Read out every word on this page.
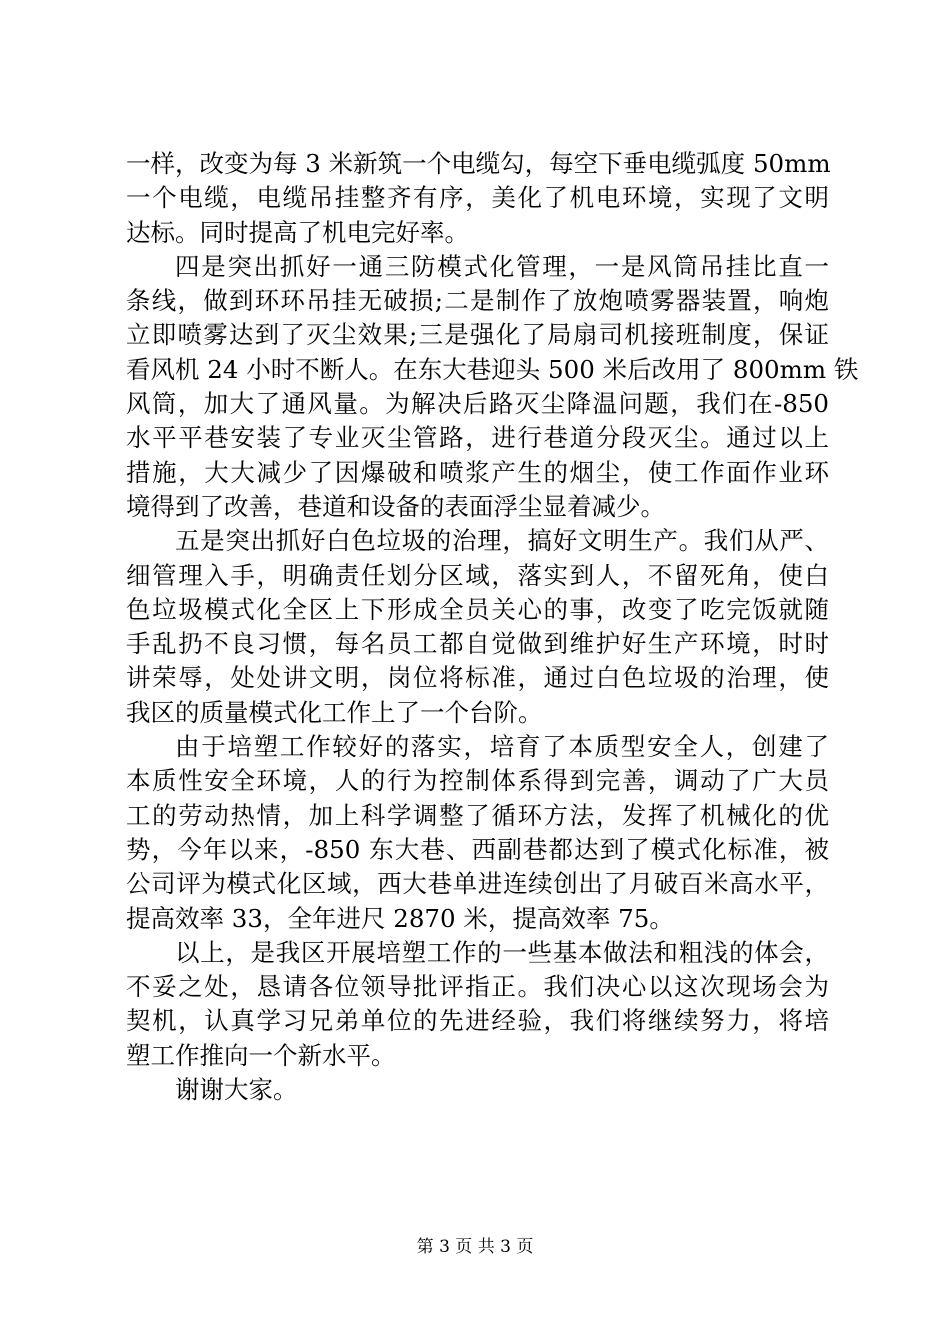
一样，改变为每 3 米新筑一个电缆勾，每空下垂电缆弧度 50mm
一个电缆，电缆吊挂整齐有序，美化了机电环境，实现了文明
达标。同时提高了机电完好率。
四是突出抓好一通三防模式化管理，一是风筒吊挂比直一
条线，做到环环吊挂无破损;二是制作了放炮喷雾器装置，响炮
立即喷雾达到了灭尘效果;三是强化了局扇司机接班制度，保证
看风机 24 小时不断人。在东大巷迎头 500 米后改用了 800mm 铁
风筒，加大了通风量。为解决后路灭尘降温问题，我们在-850
水平平巷安装了专业灭尘管路，进行巷道分段灭尘。通过以上
措施，大大减少了因爆破和喷浆产生的烟尘，使工作面作业环
境得到了改善，巷道和设备的表面浮尘显着减少。
五是突出抓好白色垃圾的治理，搞好文明生产。我们从严、
细管理入手，明确责任划分区域，落实到人，不留死角，使白
色垃圾模式化全区上下形成全员关心的事，改变了吃完饭就随
手乱扔不良习惯，每名员工都自觉做到维护好生产环境，时时
讲荣辱，处处讲文明，岗位将标准，通过白色垃圾的治理，使
我区的质量模式化工作上了一个台阶。
由于培塑工作较好的落实，培育了本质型安全人，创建了
本质性安全环境，人的行为控制体系得到完善，调动了广大员
工的劳动热情，加上科学调整了循环方法，发挥了机械化的优
势，今年以来，-850 东大巷、西副巷都达到了模式化标准，被
公司评为模式化区域，西大巷单进连续创出了月破百米高水平，
提高效率 33，全年进尺 2870 米，提高效率 75。
以上，是我区开展培塑工作的一些基本做法和粗浅的体会，
不妥之处，恳请各位领导批评指正。我们决心以这次现场会为
契机，认真学习兄弟单位的先进经验，我们将继续努力，将培
塑工作推向一个新水平。
谢谢大家。
第 3 页 共 3 页
